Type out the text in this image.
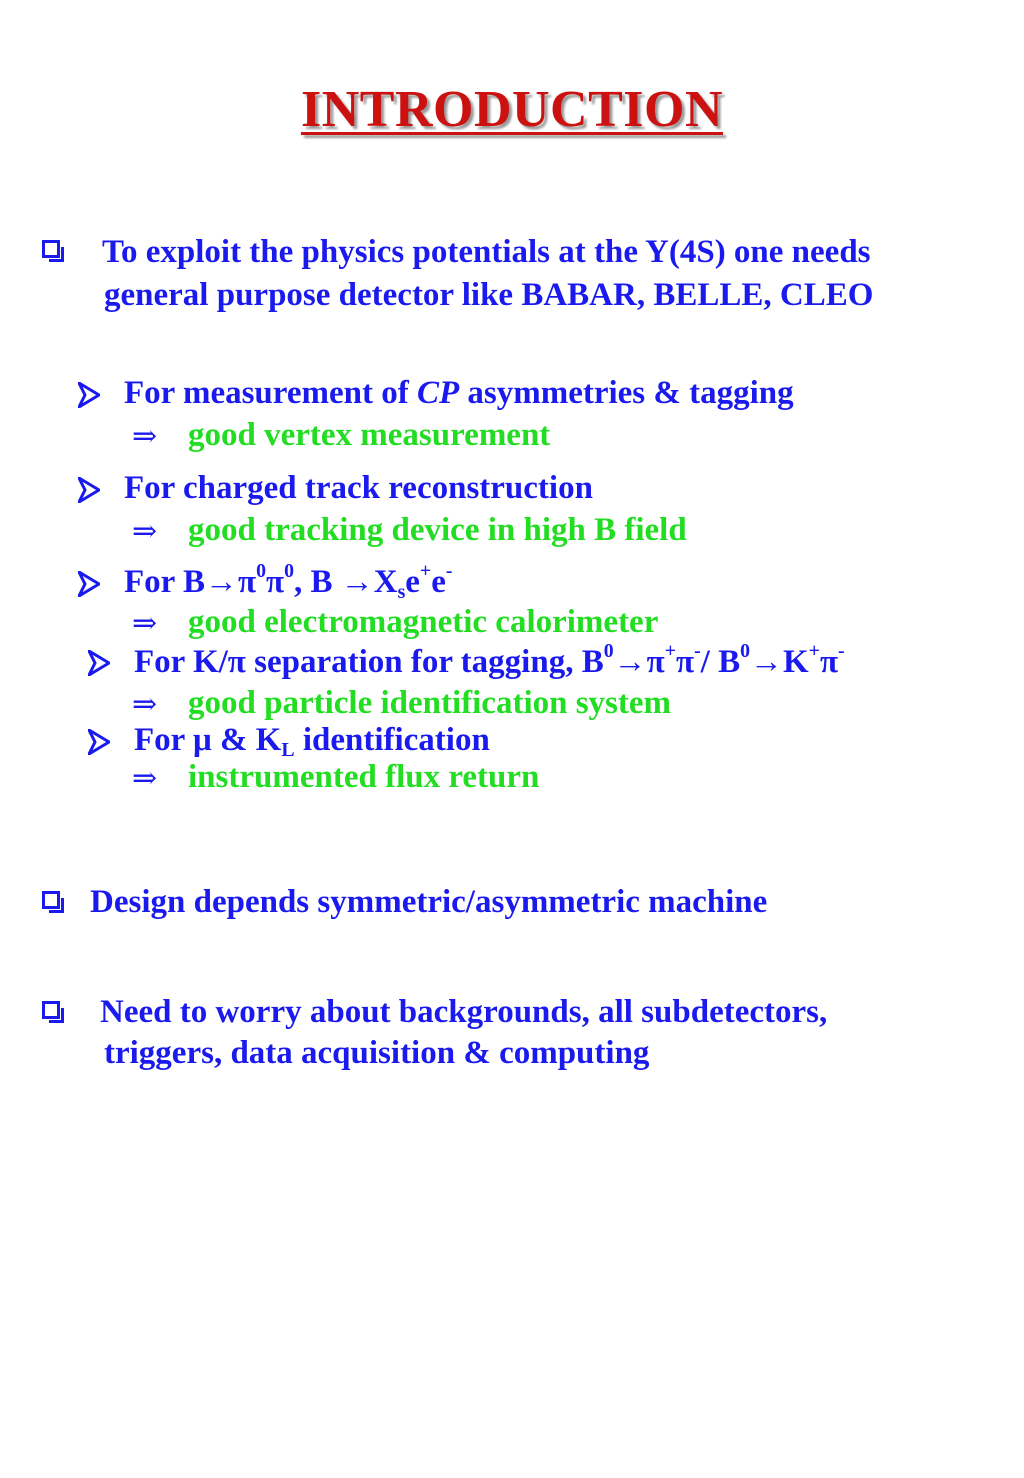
INTRODUCTION
To exploit the physics potentials at the Y(4S) one needs
general purpose detector like BABAR, BELLE, CLEO
For measurement of CP asymmetries & tagging
⇒ good vertex measurement
For charged track reconstruction
⇒ good tracking device in high B field
For $B\to\pi^0\pi^0$, $B \to X_se^+e^-$
⇒ good electromagnetic calorimeter
For K/π separation for tagging, $B^0\to\pi^+\pi^-/$ $B^0\to K^+\pi^-$
⇒ good particle identification system
For μ & $K_L$ identification
⇒ instrumented flux return
Design depends symmetric/asymmetric machine
Need to worry about backgrounds, all subdetectors,
triggers, data acquisition & computing
